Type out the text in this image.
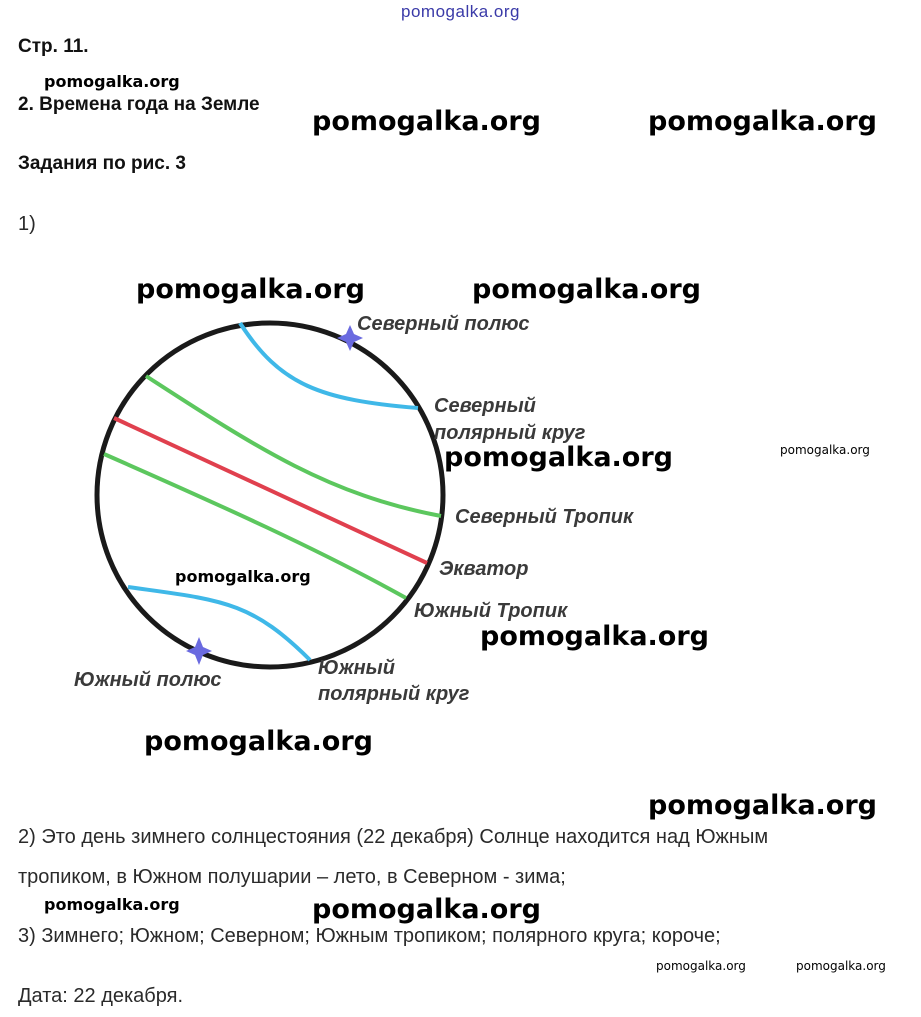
pomogalka.org
Стр. 11.
2. Времена года на Земле
Задания по рис. 3
1)
Северный полюс
Северный
полярный круг
Северный Тропик
Экватор
Южный Тропик
Южный
полярный круг
Южный полюс
2) Это день зимнего солнцестояния (22 декабря) Солнце находится над Южным
тропиком, в Южном полушарии – лето, в Северном - зима;
3) Зимнего; Южном; Северном; Южным тропиком; полярного круга; короче;
Дата: 22 декабря.
pomogalka.org
pomogalka.org	pomogalka.org
pomogalka.org	pomogalka.org
pomogalka.org	pomogalka.org
pomogalka.org
pomogalka.org
pomogalka.org
pomogalka.org
pomogalka.org	pomogalka.org
pomogalka.org	pomogalka.org
